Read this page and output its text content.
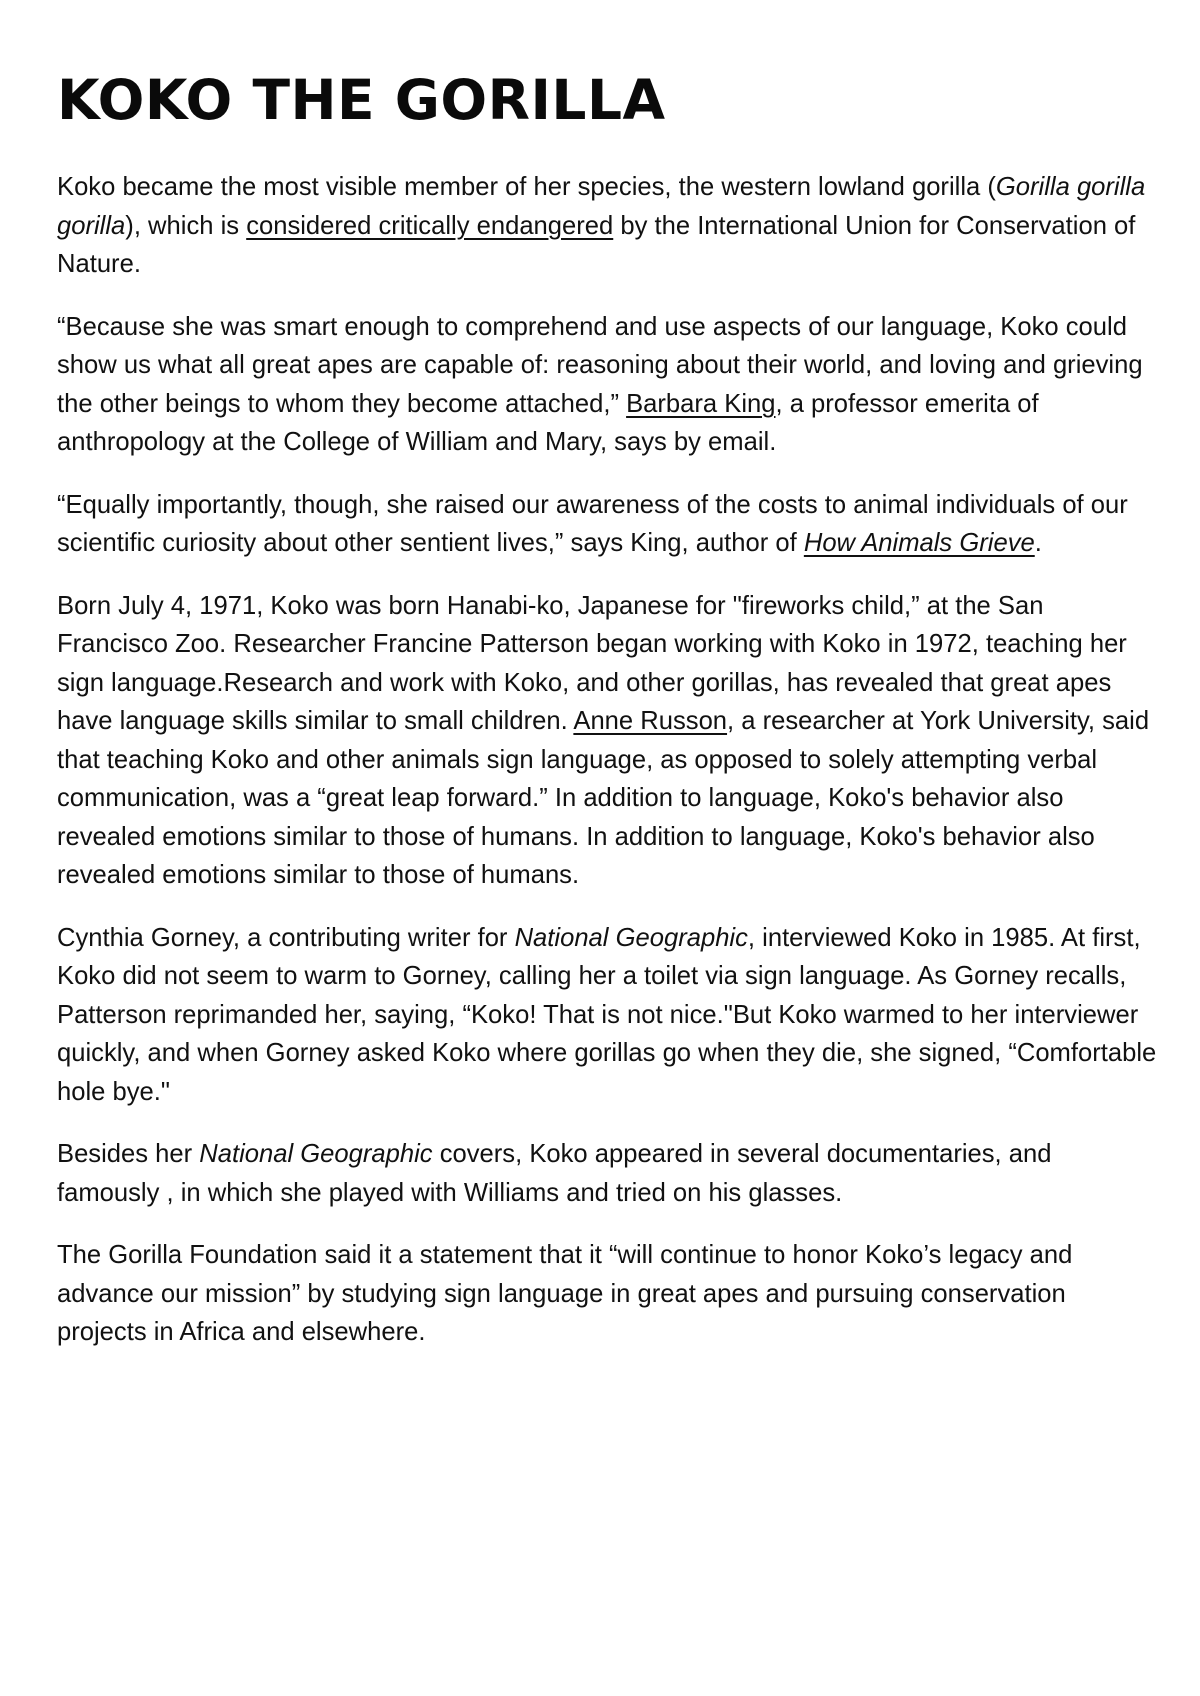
KOKO THE GORILLA

Koko became the most visible member of her species, the western lowland gorilla (Gorilla gorilla gorilla), which is considered critically endangered by the International Union for Conservation of Nature.

“Because she was smart enough to comprehend and use aspects of our language, Koko could show us what all great apes are capable of: reasoning about their world, and loving and grieving the other beings to whom they become attached,” Barbara King, a professor emerita of anthropology at the College of William and Mary, says by email.

“Equally importantly, though, she raised our awareness of the costs to animal individuals of our scientific curiosity about other sentient lives,” says King, author of How Animals Grieve.

Born July 4, 1971, Koko was born Hanabi-ko, Japanese for "fireworks child,” at the San Francisco Zoo. Researcher Francine Patterson began working with Koko in 1972, teaching her sign language.Research and work with Koko, and other gorillas, has revealed that great apes have language skills similar to small children. Anne Russon, a researcher at York University, said that teaching Koko and other animals sign language, as opposed to solely attempting verbal communication, was a “great leap forward.” In addition to language, Koko's behavior also revealed emotions similar to those of humans. In addition to language, Koko's behavior also revealed emotions similar to those of humans.

Cynthia Gorney, a contributing writer for National Geographic, interviewed Koko in 1985. At first, Koko did not seem to warm to Gorney, calling her a toilet via sign language. As Gorney recalls, Patterson reprimanded her, saying, “Koko! That is not nice."But Koko warmed to her interviewer quickly, and when Gorney asked Koko where gorillas go when they die, she signed, “Comfortable hole bye."

Besides her National Geographic covers, Koko appeared in several documentaries, and famously , in which she played with Williams and tried on his glasses.

The Gorilla Foundation said it a statement that it “will continue to honor Koko’s legacy and advance our mission” by studying sign language in great apes and pursuing conservation projects in Africa and elsewhere.
